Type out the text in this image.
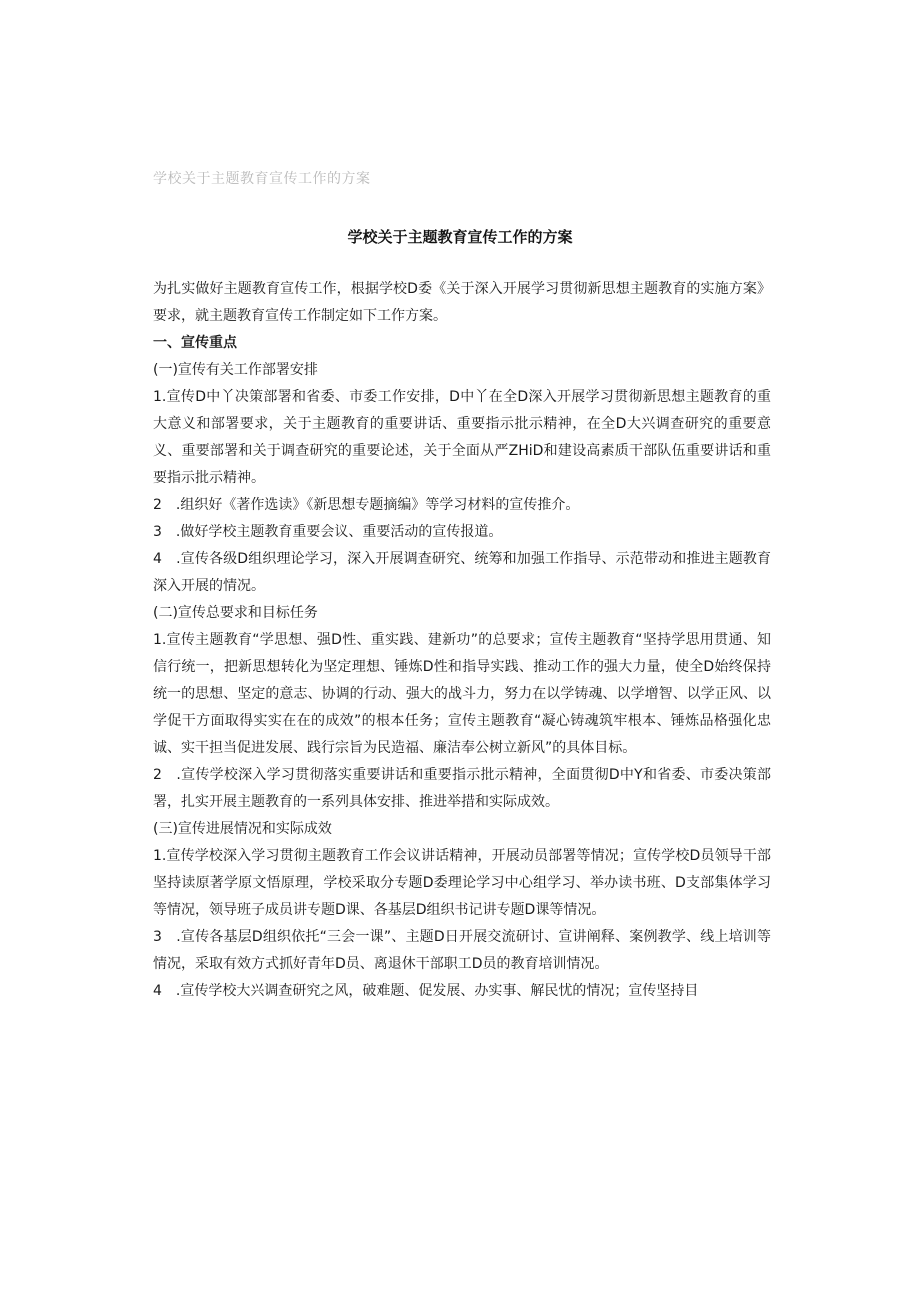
学校关于主题教育宣传工作的方案
学校关于主题教育宣传工作的方案

为扎实做好主题教育宣传工作，根据学校D委《关于深入开展学习贯彻新思想主题教育的实施方案》要求，就主题教育宣传工作制定如下工作方案。

一、宣传重点

(一)宣传有关工作部署安排

1.宣传D中丫决策部署和省委、市委工作安排，D中丫在全D深入开展学习贯彻新思想主题教育的重大意义和部署要求，关于主题教育的重要讲话、重要指示批示精神，在全D大兴调查研究的重要意义、重要部署和关于调查研究的重要论述，关于全面从严ZHiD和建设高素质干部队伍重要讲话和重要指示批示精神。

2　.组织好《著作选读》《新思想专题摘编》等学习材料的宣传推介。

3　.做好学校主题教育重要会议、重要活动的宣传报道。

4　.宣传各级D组织理论学习，深入开展调查研究、统筹和加强工作指导、示范带动和推进主题教育深入开展的情况。

(二)宣传总要求和目标任务

1.宣传主题教育“学思想、强D性、重实践、建新功”的总要求；宣传主题教育“坚持学思用贯通、知信行统一，把新思想转化为坚定理想、锤炼D性和指导实践、推动工作的强大力量，使全D始终保持统一的思想、坚定的意志、协调的行动、强大的战斗力，努力在以学铸魂、以学增智、以学正风、以学促干方面取得实实在在的成效”的根本任务；宣传主题教育“凝心铸魂筑牢根本、锤炼品格强化忠诚、实干担当促进发展、践行宗旨为民造福、廉洁奉公树立新风”的具体目标。

2　.宣传学校深入学习贯彻落实重要讲话和重要指示批示精神，全面贯彻D中Y和省委、市委决策部署，扎实开展主题教育的一系列具体安排、推进举措和实际成效。

(三)宣传进展情况和实际成效

1.宣传学校深入学习贯彻主题教育工作会议讲话精神，开展动员部署等情况；宣传学校D员领导干部坚持读原著学原文悟原理，学校采取分专题D委理论学习中心组学习、举办读书班、D支部集体学习等情况，领导班子成员讲专题D课、各基层D组织书记讲专题D课等情况。

3　.宣传各基层D组织依托“三会一课”、主题D日开展交流研讨、宣讲阐释、案例教学、线上培训等情况，采取有效方式抓好青年D员、离退休干部职工D员的教育培训情况。

4　.宣传学校大兴调查研究之风，破难题、促发展、办实事、解民忧的情况；宣传坚持目
